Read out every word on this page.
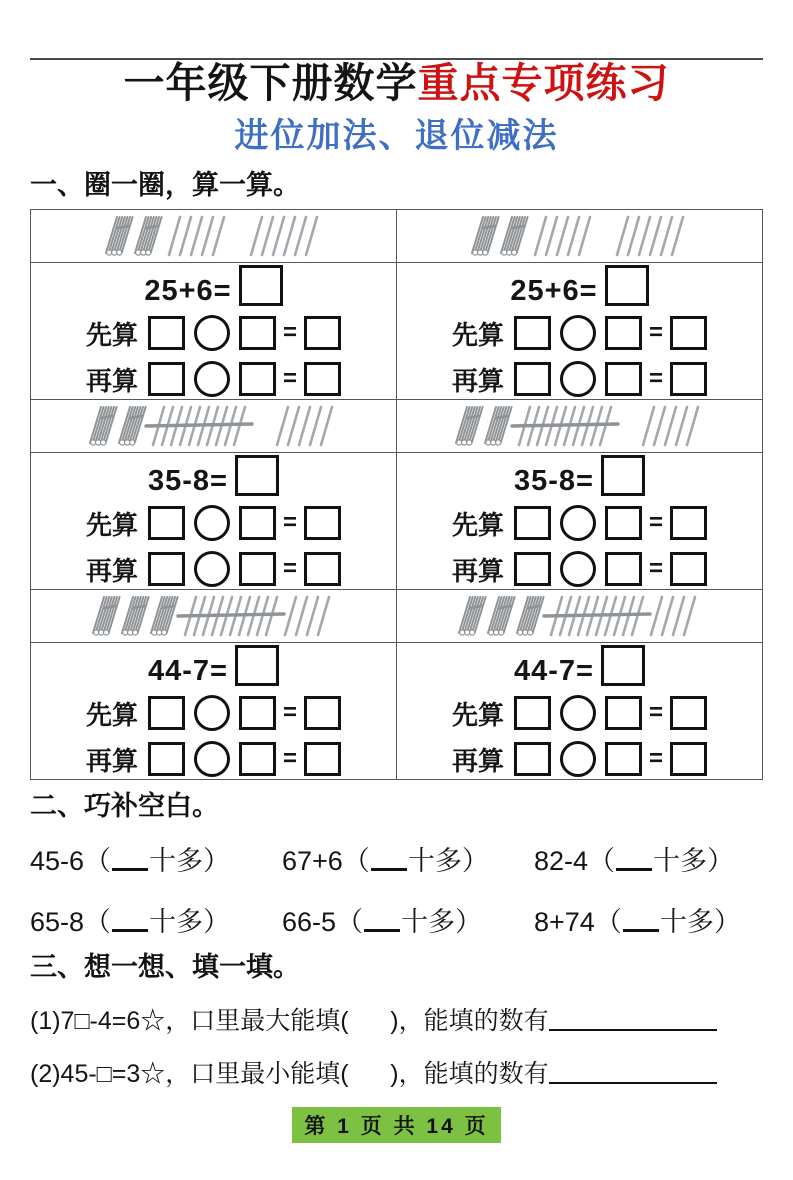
一年级下册数学重点专项练习
进位加法、退位减法
一、圈一圈，算一算。

25+6=
先算	=
再算	=

25+6=
先算	=
再算	=

35-8=
先算	=
再算	=

35-8=
先算	=
再算	=

44-7=
先算	=
再算	=

44-7=
先算	=
再算	=
二、巧补空白。
45-6（ 十多）	67+6（ 十多）	82-4（ 十多）
65-8（ 十多）	66-5（ 十多）	8+74（ 十多）
三、想一想、填一填。
(1)7□-4=6☆，口里最大能填(      )，能填的数有
(2)45-□=3☆，口里最小能填(      )，能填的数有
第 1 页 共 14 页
